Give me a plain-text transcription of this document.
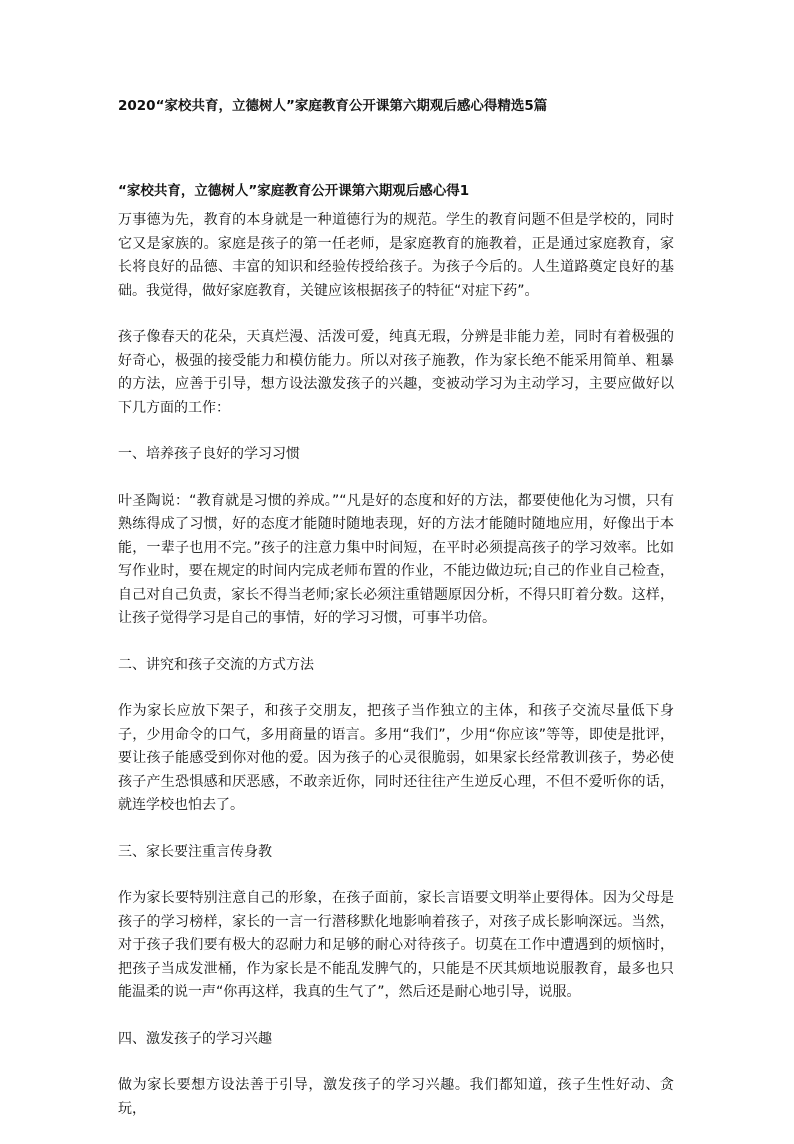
2020“家校共育，立德树人”家庭教育公开课第六期观后感心得精选5篇
“家校共育，立德树人”家庭教育公开课第六期观后感心得1

万事德为先，教育的本身就是一种道德行为的规范。学生的教育问题不但是学校的，同时它又是家族的。家庭是孩子的第一任老师，是家庭教育的施教着，正是通过家庭教育，家长将良好的品德、丰富的知识和经验传授给孩子。为孩子今后的。人生道路奠定良好的基础。我觉得，做好家庭教育，关键应该根据孩子的特征“对症下药”。

孩子像春天的花朵，天真烂漫、活泼可爱，纯真无瑕，分辨是非能力差，同时有着极强的好奇心，极强的接受能力和模仿能力。所以对孩子施教，作为家长绝不能采用简单、粗暴的方法，应善于引导，想方设法激发孩子的兴趣，变被动学习为主动学习，主要应做好以下几方面的工作：

一、培养孩子良好的学习习惯

叶圣陶说：“教育就是习惯的养成。”“凡是好的态度和好的方法，都要使他化为习惯，只有熟练得成了习惯，好的态度才能随时随地表现，好的方法才能随时随地应用，好像出于本能，一辈子也用不完。”孩子的注意力集中时间短，在平时必须提高孩子的学习效率。比如写作业时，要在规定的时间内完成老师布置的作业，不能边做边玩;自己的作业自己检查，自己对自己负责，家长不得当老师;家长必须注重错题原因分析，不得只盯着分数。这样，让孩子觉得学习是自己的事情，好的学习习惯，可事半功倍。

二、讲究和孩子交流的方式方法

作为家长应放下架子，和孩子交朋友，把孩子当作独立的主体，和孩子交流尽量低下身子，少用命令的口气，多用商量的语言。多用“我们”，少用“你应该”等等，即使是批评，要让孩子能感受到你对他的爱。因为孩子的心灵很脆弱，如果家长经常教训孩子，势必使孩子产生恐惧感和厌恶感，不敢亲近你，同时还往往产生逆反心理，不但不爱听你的话，就连学校也怕去了。

三、家长要注重言传身教

作为家长要特别注意自己的形象，在孩子面前，家长言语要文明举止要得体。因为父母是孩子的学习榜样，家长的一言一行潜移默化地影响着孩子，对孩子成长影响深远。当然，对于孩子我们要有极大的忍耐力和足够的耐心对待孩子。切莫在工作中遭遇到的烦恼时，把孩子当成发泄桶，作为家长是不能乱发脾气的，只能是不厌其烦地说服教育，最多也只能温柔的说一声“你再这样，我真的生气了”，然后还是耐心地引导，说服。

四、激发孩子的学习兴趣

做为家长要想方设法善于引导，激发孩子的学习兴趣。我们都知道，孩子生性好动、贪玩，
